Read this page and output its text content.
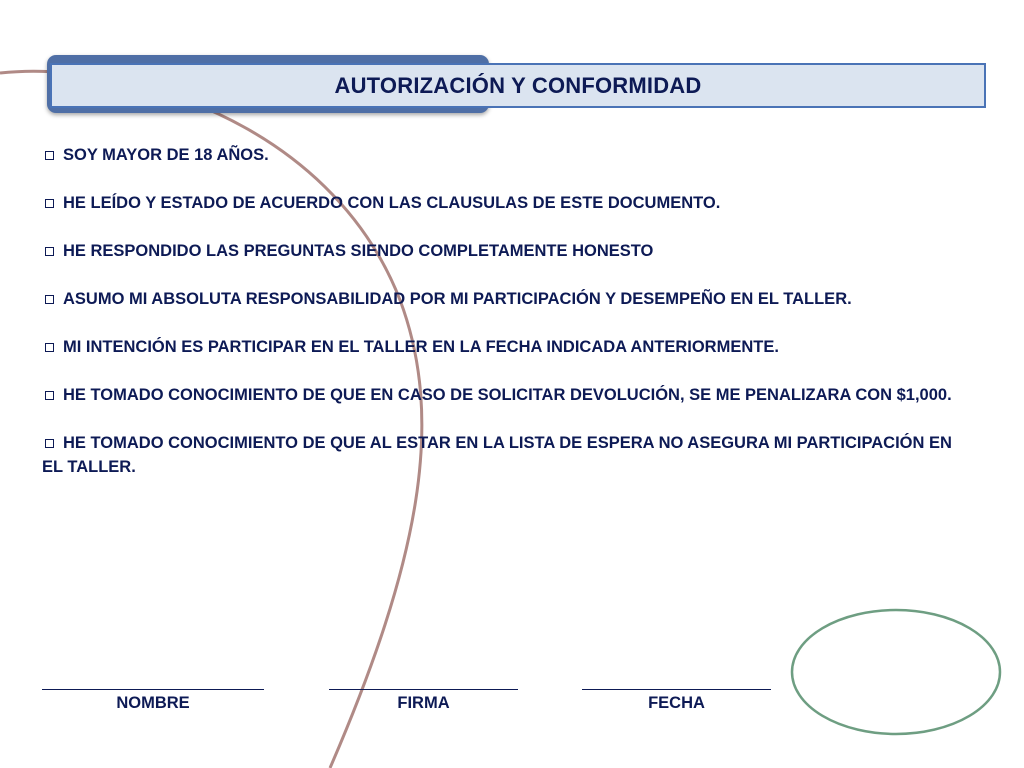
AUTORIZACIÓN Y CONFORMIDAD
SOY MAYOR DE 18 AÑOS.
HE LEÍDO Y ESTADO DE ACUERDO CON LAS CLAUSULAS DE ESTE DOCUMENTO.
HE RESPONDIDO LAS PREGUNTAS SIENDO COMPLETAMENTE HONESTO
ASUMO MI ABSOLUTA RESPONSABILIDAD POR MI PARTICIPACIÓN Y DESEMPEÑO EN EL TALLER.
MI INTENCIÓN ES PARTICIPAR EN EL TALLER EN LA FECHA INDICADA ANTERIORMENTE.
HE TOMADO CONOCIMIENTO DE QUE EN CASO DE SOLICITAR DEVOLUCIÓN, SE ME PENALIZARA CON $1,000.
HE TOMADO CONOCIMIENTO DE QUE AL ESTAR EN LA LISTA DE ESPERA NO ASEGURA MI PARTICIPACIÓN EN EL TALLER.
NOMBRE	FIRMA	FECHA
